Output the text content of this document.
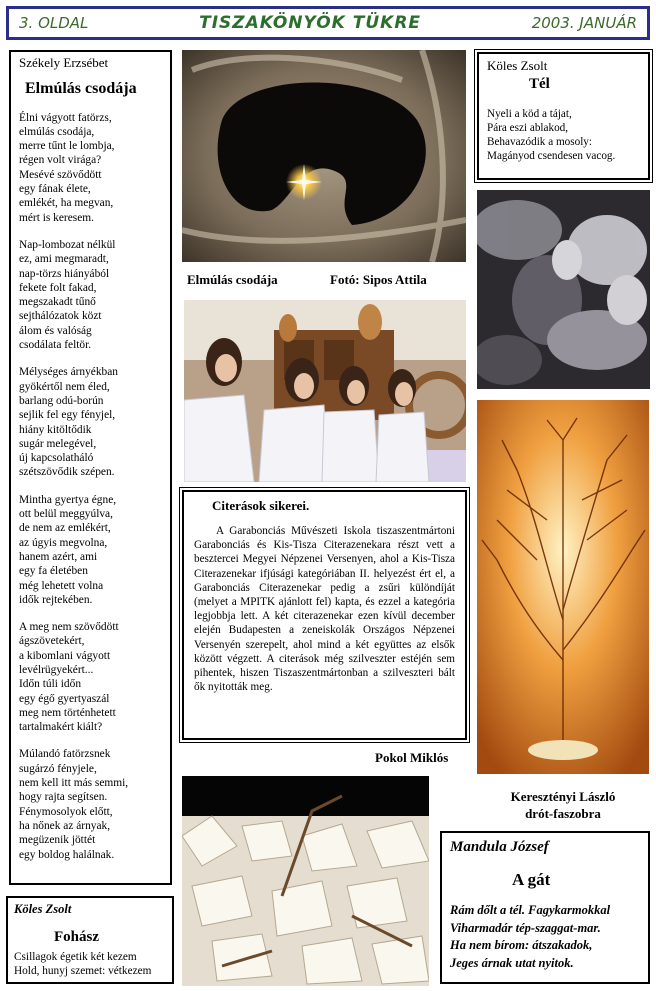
3. OLDAL	TISZAKÖNYÖK TÜKRE	2003. JANUÁR
Székely Erzsébet
Elmúlás csodája
Élni vágyott fatörzs,
elmúlás csodája,
merre tűnt le lombja,
régen volt virága?
Mesévé szövődött
egy fának élete,
emlékét, ha megvan,
mért is keresem.
Nap-lombozat nélkül
ez, ami megmaradt,
nap-törzs hiányából
fekete folt fakad,
megszakadt tűnő
sejthálózatok közt
álom és valóság
csodálata feltör.
Mélységes árnyékban
gyökértől nem éled,
barlang odú-borún
sejlik fel egy fényjel,
hiány kitöltődik
sugár melegével,
új kapcsolatháló
szétszövődik szépen.
Mintha gyertya égne,
ott belül meggyúlva,
de nem az emlékért,
az úgyis megvolna,
hanem azért, ami
egy fa életében
még lehetett volna
idők rejtekében.
A meg nem szövődött
ágszövetekért,
a kibomlani vágyott
levélrügyekért...
Időn túli időn
egy égő gyertyaszál
meg nem történhetett
tartalmakért kiált?
Múlandó fatörzsnek
sugárzó fényjele,
nem kell itt más semmi,
hogy rajta segítsen.
Fénymosolyok előtt,
ha nőnek az árnyak,
megüzenik jöttét
egy boldog halálnak.
Köles Zsolt
Fohász
Csillagok égetik két kezem
Hold, hunyj szemet: vétkezem
Elmúlás csodája	Fotó: Sipos Attila
Citerások sikerei.
A Garabonciás Művészeti Iskola tiszaszentmártoni Garabonciás és Kis-Tisza Citerazenekara részt vett a besztercei Megyei Népzenei Versenyen, ahol a Kis-Tisza Citerazenekar ifjúsági kategóriában II. helyezést ért el, a Garabonciás Citerazenekar pedig a zsűri különdíját (melyet a MPITK ajánlott fel) kapta, és ezzel a kategória legjobbja lett. A két citerazenekar ezen kívül december elején Budapesten a zeneiskolák Országos Népzenei Versenyén szerepelt, ahol mind a két együttes az elsők között végzett. A citerások még szilveszter estéjén sem pihentek, hiszen Tiszaszentmártonban a szilveszteri bált ők nyitották meg.
Pokol Miklós
Köles Zsolt
Tél
Nyeli a köd a tájat,
Pára eszi ablakod,
Behavazódik a mosoly:
Magányod csendesen vacog.
Keresztényi László
drót-faszobra
Mandula József
A gát
Rám dőlt a tél. Fagykarmokkal
Viharmadár tép-szaggat-mar.
Ha nem bírom: átszakadok,
Jeges árnak utat nyitok.
